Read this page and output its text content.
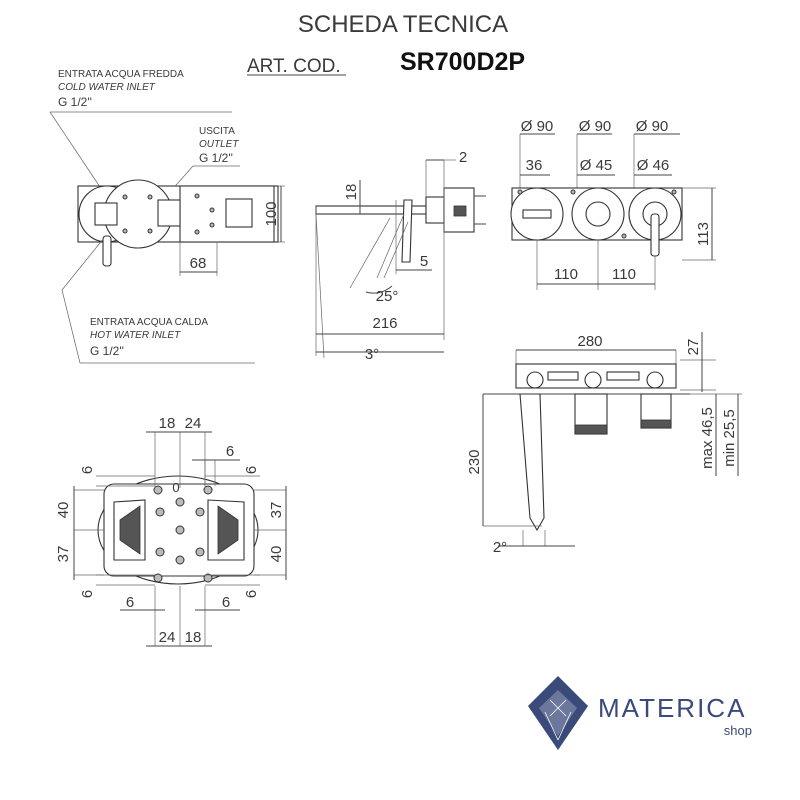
SCHEDA TECNICA
ART. COD. SR700D2P
ENTRATA ACQUA FREDDA
COLD WATER INLET
G 1/2''
USCITA
OUTLET
G 1/2''
100
68
ENTRATA ACQUA CALDA
HOT WATER INLET
G 1/2''
2
18
5
25°
216
3°
Ø 90 Ø 90 Ø 90
36 Ø 45 Ø 46
113
110 110
280	27
230	max 46,5 min 25,5
2°
0
18 24
24 18
6
6
6
40
37
37
40
6	6
6	6
MATERICA
shop
